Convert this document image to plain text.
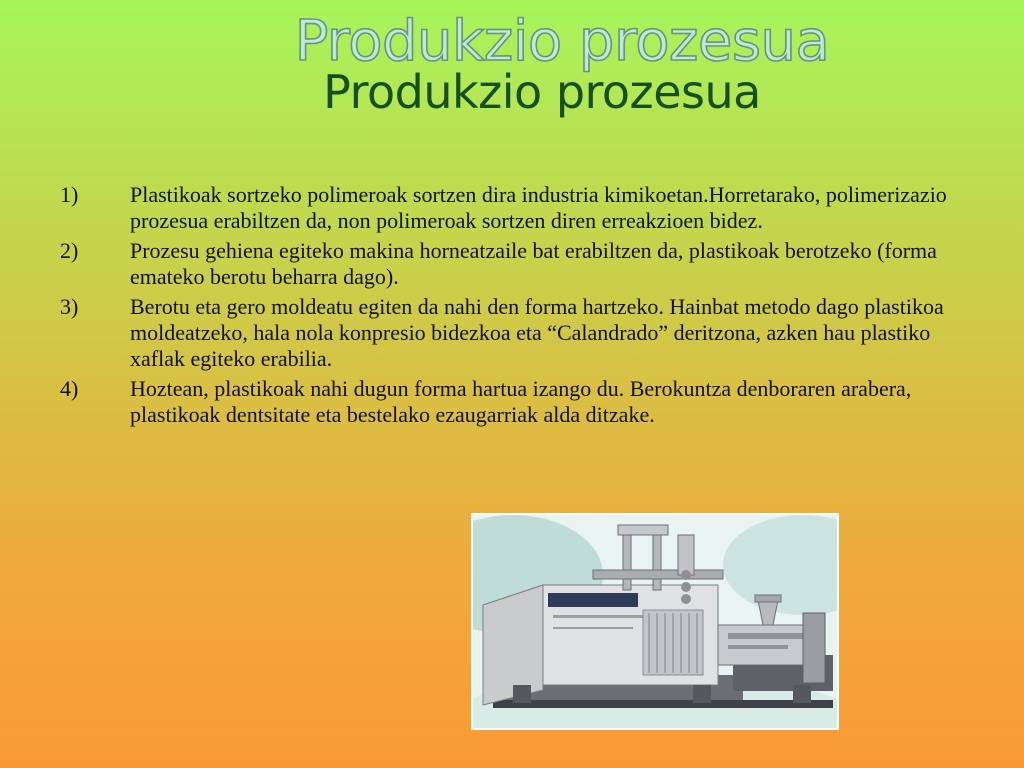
Produkzio prozesua
Produkzio prozesua
1)	Plastikoak sortzeko polimeroak sortzen dira industria kimikoetan.Horretarako, polimerizazio prozesua erabiltzen da, non polimeroak sortzen diren erreakzioen bidez.
2)	Prozesu gehiena egiteko makina horneatzaile bat erabiltzen da, plastikoak berotzeko (forma emateko berotu beharra dago).
3)	Berotu eta gero moldeatu egiten da nahi den forma hartzeko. Hainbat metodo dago plastikoa moldeatzeko, hala nola konpresio bidezkoa eta “Calandrado” deritzona, azken hau plastiko xaflak egiteko erabilia.
4)	Hoztean, plastikoak nahi dugun forma hartua izango du. Berokuntza denboraren arabera, plastikoak dentsitate eta bestelako ezaugarriak alda ditzake.
